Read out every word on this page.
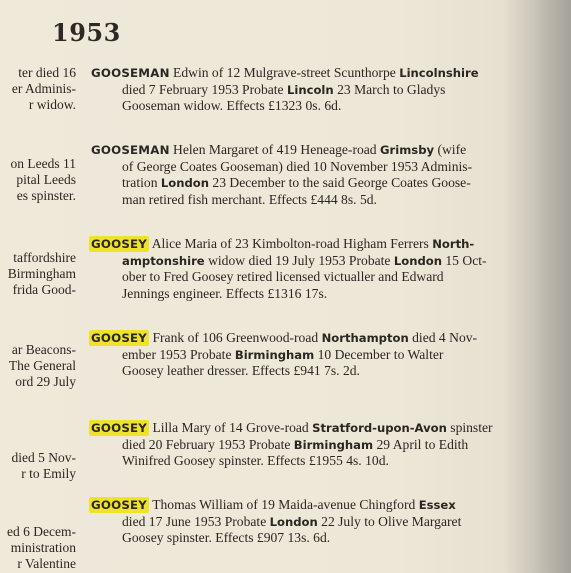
1953
ter died 16
er Adminis-
r widow.
on Leeds 11
pital Leeds
es spinster.
taffordshire
Birmingham
frida Good-
ar Beacons-
The General
ord 29 July
died 5 Nov-
r to Emily
ed 6 Decem-
ministration
r Valentine
GOOSEMAN Edwin of 12 Mulgrave-street Scunthorpe Lincolnshire
died 7 February 1953 Probate Lincoln 23 March to Gladys
Gooseman widow. Effects £1323 0s. 6d.
GOOSEMAN Helen Margaret of 419 Heneage-road Grimsby (wife
of George Coates Gooseman) died 10 November 1953 Adminis-
tration London 23 December to the said George Coates Goose-
man retired fish merchant. Effects £444 8s. 5d.
GOOSEY Alice Maria of 23 Kimbolton-road Higham Ferrers North-
amptonshire widow died 19 July 1953 Probate London 15 Oct-
ober to Fred Goosey retired licensed victualler and Edward
Jennings engineer. Effects £1316 17s.
GOOSEY Frank of 106 Greenwood-road Northampton died 4 Nov-
ember 1953 Probate Birmingham 10 December to Walter
Goosey leather dresser. Effects £941 7s. 2d.
GOOSEY Lilla Mary of 14 Grove-road Stratford-upon-Avon spinster
died 20 February 1953 Probate Birmingham 29 April to Edith
Winifred Goosey spinster. Effects £1955 4s. 10d.
GOOSEY Thomas William of 19 Maida-avenue Chingford Essex
died 17 June 1953 Probate London 22 July to Olive Margaret
Goosey spinster. Effects £907 13s. 6d.
